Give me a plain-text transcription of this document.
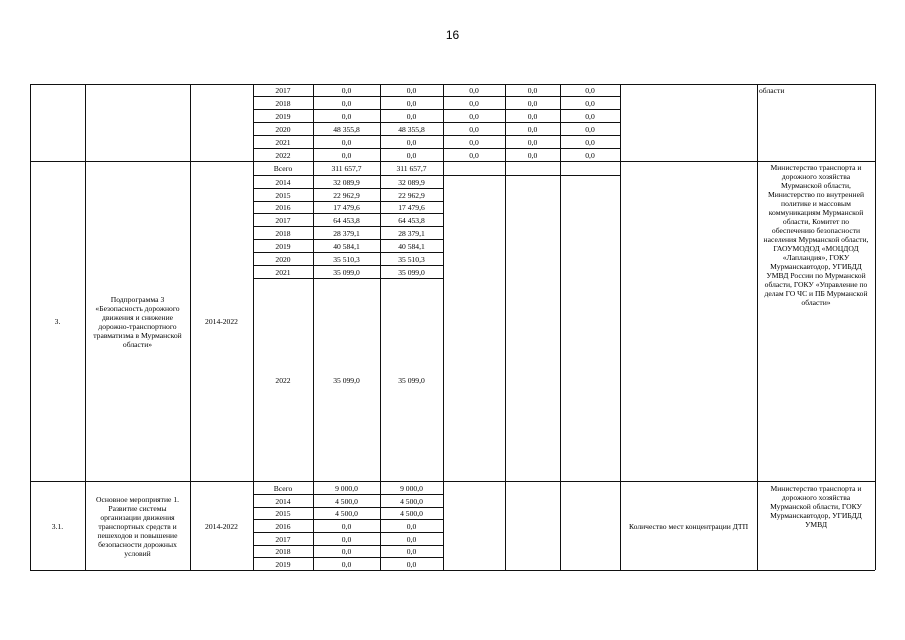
16
2017	0,0	0,0	0,0	0,0	0,0
2018	0,0	0,0	0,0	0,0	0,0
2019	0,0	0,0	0,0	0,0	0,0
2020	48 355,8	48 355,8	0,0	0,0	0,0
2021	0,0	0,0	0,0	0,0	0,0
2022	0,0	0,0	0,0	0,0	0,0
области
Всего	311 657,7	311 657,7
2014	32 089,9	32 089,9
2015	22 962,9	22 962,9
2016	17 479,6	17 479,6
2017	64 453,8	64 453,8
2018	28 379,1	28 379,1
2019	40 584,1	40 584,1
2020	35 510,3	35 510,3
2021	35 099,0	35 099,0
2022	35 099,0	35 099,0
3.
Подпрограмма 3 «Безопасность дорожного движения и снижение дорожно-транспортного травматизма в Мурманской области»
2014-2022
Министерство транспорта и дорожного хозяйства Мурманской области, Министерство по внутренней политике и массовым коммуникациям Мурманской области, Комитет по обеспечению безопасности населения Мурманской области, ГАОУМОДОД «МОЦДОД «Лапландия», ГОКУ Мурманскавтодор, УГИБДД УМВД России по Мурманской области, ГОКУ «Управление по делам ГО ЧС и ПБ Мурманской области»
Всего	9 000,0	9 000,0
2014	4 500,0	4 500,0
2015	4 500,0	4 500,0
2016	0,0	0,0
2017	0,0	0,0
2018	0,0	0,0
2019	0,0	0,0
3.1.
Основное мероприятие 1. Развитие системы организации движения транспортных средств и пешеходов и повышение безопасности дорожных условий
2014-2022	Количество мест концентрации ДТП
Министерство транспорта и дорожного хозяйства Мурманской области, ГОКУ Мурманскавтодор, УГИБДД УМВД
